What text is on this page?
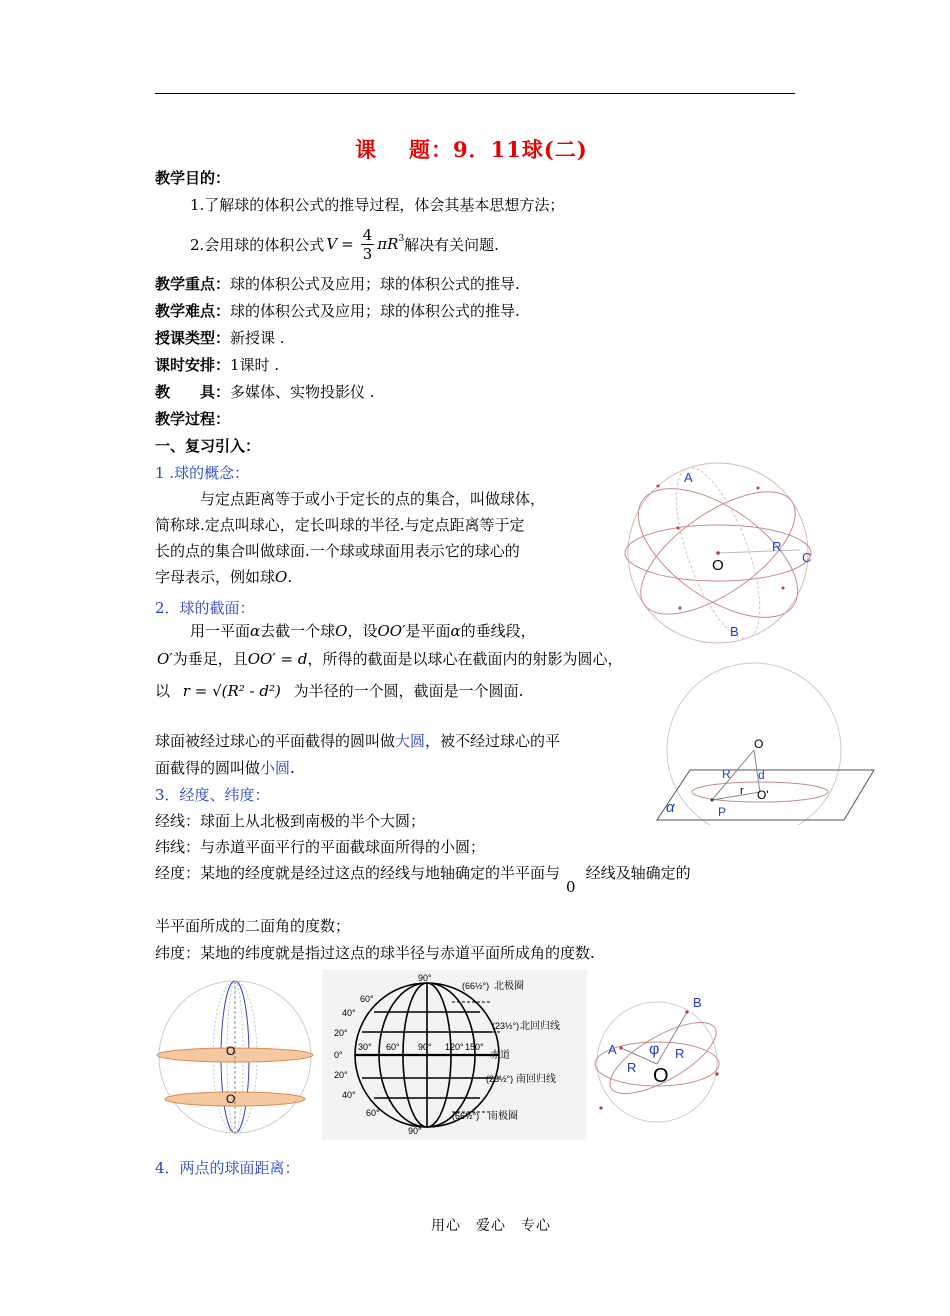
课 题：9．11球(二)
教学目的：
1.了解球的体积公式的推导过程，体会其基本思想方法；
2.会用球的体积公式 $V = \frac{4}{3} \pi R^3$ 解决有关问题.
教学重点：球的体积公式及应用；球的体积公式的推导.
教学难点：球的体积公式及应用；球的体积公式的推导.
授课类型：新授课 .
课时安排：1课时 .
教　　具：多媒体、实物投影仪 .
教学过程：
一、复习引入：
1 .球的概念：
与定点距离等于或小于定长的点的集合，叫做球体，
简称球.定点叫球心，定长叫球的半径.与定点距离等于定
长的点的集合叫做球面.一个球或球面用表示它的球心的
字母表示，例如球O.
2．球的截面：
用一平面α去截一个球O，设OO′是平面α的垂线段，
O′为垂足，且OO′ = d，所得的截面是以球心在截面内的射影为圆心，
以 r = √(R² - d²) 为半径的一个圆，截面是一个圆面.
球面被经过球心的平面截得的圆叫做大圆，被不经过球心的平
面截得的圆叫做小圆.
3．经度、纬度：
经线：球面上从北极到南极的半个大圆；
纬线：与赤道平面平行的平面截球面所得的小圆；
经度：某地的经度就是经过这点的经线与地轴确定的半平面与0经线及轴确定的
半平面所成的二面角的度数；
纬度：某地的纬度就是指过这点的球半径与赤道平面所成角的度数.
4．两点的球面距离：
用心　爱心　专心
A
B
C
R
O
O
R d
r O'
P
α
O
O
90°
60°
40°
20°
0°
20°
40°
60°
90°
30° 60° 90° 120° 150°
(66½°) 北极圈
(23½°) 北回归线
赤道
(23½°) 南回归线
(66½°) 南极圈
B
A φ R
R O
